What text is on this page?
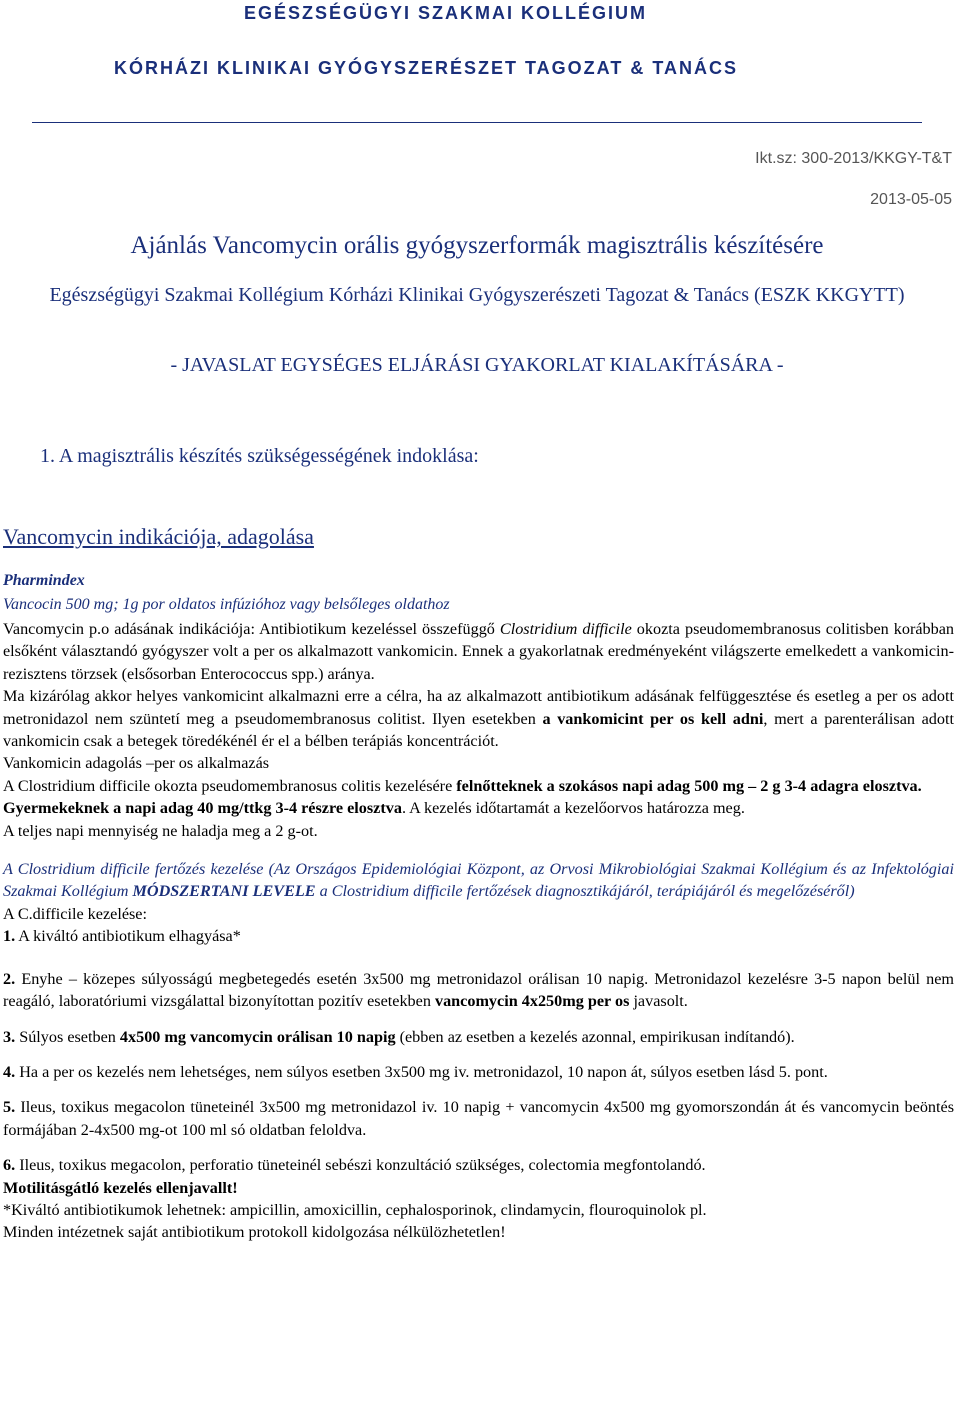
EGÉSZSÉGÜGYI SZAKMAI KOLLÉGIUM
KÓRHÁZI KLINIKAI GYÓGYSZERÉSZET TAGOZAT & TANÁCS
Ikt.sz: 300-2013/KKGY-T&T
2013-05-05
Ajánlás Vancomycin orális gyógyszerformák magisztrális készítésére
Egészségügyi Szakmai Kollégium Kórházi Klinikai Gyógyszerészeti Tagozat & Tanács (ESZK KKGYTT)
- JAVASLAT EGYSÉGES ELJÁRÁSI GYAKORLAT KIALAKÍTÁSÁRA -
1. A magisztrális készítés szükségességének indoklása:
Vancomycin indikációja, adagolása
Pharmindex
Vancocin 500 mg; 1g por oldatos infúzióhoz vagy belsőleges oldathoz

Vancomycin p.o adásának indikációja: Antibiotikum kezeléssel összefüggő Clostridium difficile okozta pseudomembranosus colitisben korábban elsőként választandó gyógyszer volt a per os alkalmazott vankomicin. Ennek a gyakorlatnak eredményeként világszerte emelkedett a vankomicin-rezisztens törzsek (elsősorban Enterococcus spp.) aránya.

Ma kizárólag akkor helyes vankomicint alkalmazni erre a célra, ha az alkalmazott antibiotikum adásának felfüggesztése és esetleg a per os adott metronidazol nem szüntetí meg a pseudomembranosus colitist. Ilyen esetekben a vankomicint per os kell adni, mert a parenterálisan adott vankomicin csak a betegek töredékénél ér el a bélben terápiás koncentrációt.

Vankomicin adagolás –per os alkalmazás

A Clostridium difficile okozta pseudomembranosus colitis kezelésére felnőtteknek a szokásos napi adag 500 mg – 2 g 3-4 adagra elosztva.

Gyermekeknek a napi adag 40 mg/ttkg 3-4 részre elosztva. A kezelés időtartamát a kezelőorvos határozza meg.

A teljes napi mennyiség ne haladja meg a 2 g-ot.

A Clostridium difficile fertőzés kezelése (Az Országos Epidemiológiai Központ, az Orvosi Mikrobiológiai Szakmai Kollégium és az Infektológiai Szakmai Kollégium MÓDSZERTANI LEVELE a Clostridium difficile fertőzések diagnosztikájáról, terápiájáról és megelőzéséről)

A C.difficile kezelése:

1. A kiváltó antibiotikum elhagyása*

2. Enyhe – közepes súlyosságú megbetegedés esetén 3x500 mg metronidazol orálisan 10 napig. Metronidazol kezelésre 3-5 napon belül nem reagáló, laboratóriumi vizsgálattal bizonyítottan pozitív esetekben vancomycin 4x250mg per os javasolt.

3. Súlyos esetben 4x500 mg vancomycin orálisan 10 napig (ebben az esetben a kezelés azonnal, empirikusan indítandó).

4. Ha a per os kezelés nem lehetséges, nem súlyos esetben 3x500 mg iv. metronidazol, 10 napon át, súlyos esetben lásd 5. pont.

5. Ileus, toxikus megacolon tüneteinél 3x500 mg metronidazol iv. 10 napig + vancomycin 4x500 mg gyomorszondán át és vancomycin beöntés formájában 2-4x500 mg-ot 100 ml só oldatban feloldva.

6. Ileus, toxikus megacolon, perforatio tüneteinél sebészi konzultáció szükséges, colectomia megfontolandó.

Motilitásgátló kezelés ellenjavallt!

*Kiváltó antibiotikumok lehetnek: ampicillin, amoxicillin, cephalosporinok, clindamycin, flouroquinolok pl.

Minden intézetnek saját antibiotikum protokoll kidolgozása nélkülözhetetlen!
